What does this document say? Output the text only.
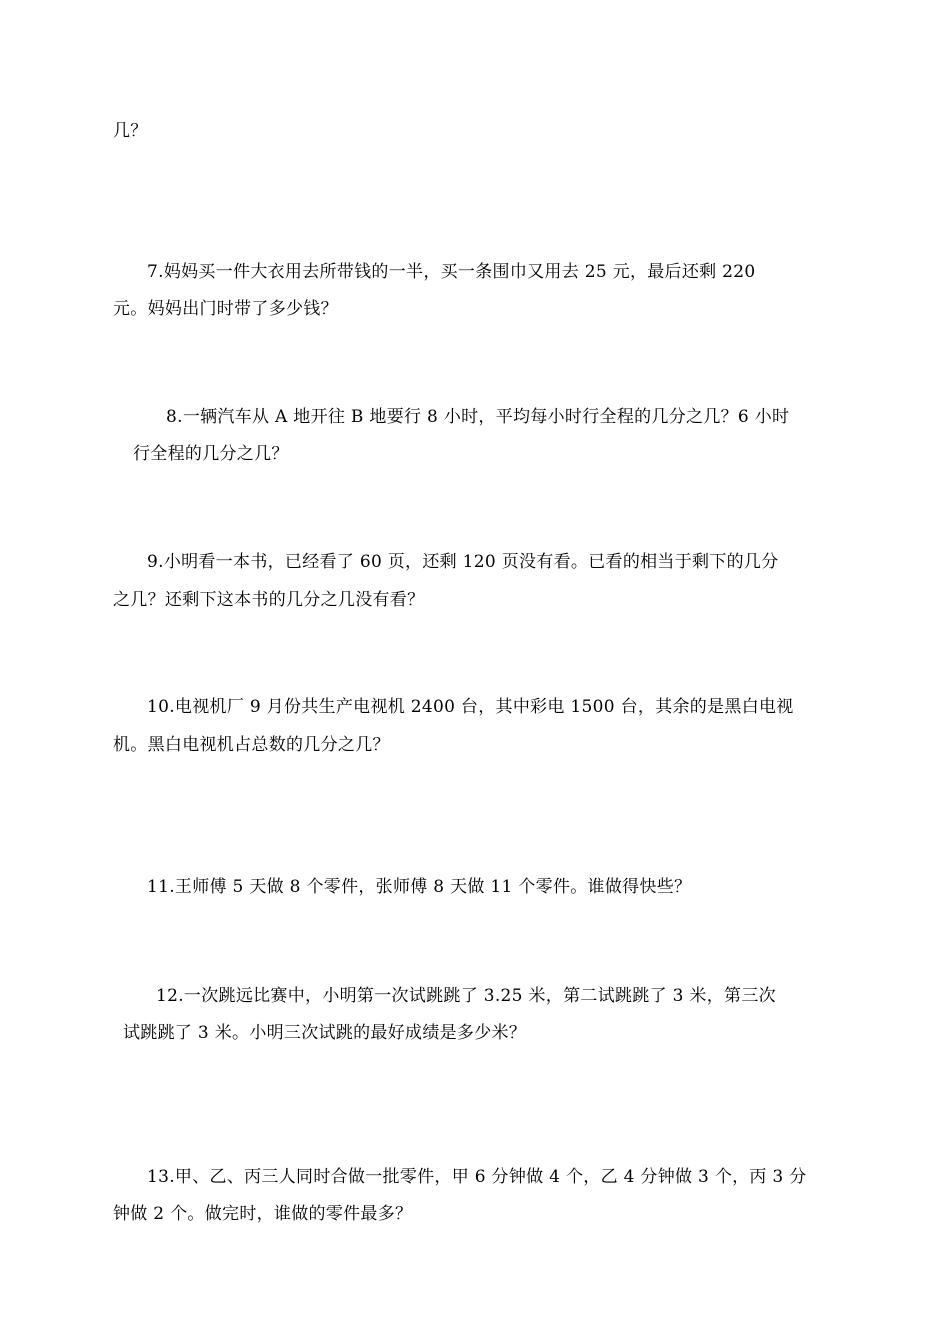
几？
7.妈妈买一件大衣用去所带钱的一半，买一条围巾又用去 25 元，最后还剩 220
元。妈妈出门时带了多少钱？
8.一辆汽车从 A 地开往 B 地要行 8 小时，平均每小时行全程的几分之几？6 小时
行全程的几分之几？
9.小明看一本书，已经看了 60 页，还剩 120 页没有看。已看的相当于剩下的几分
之几？还剩下这本书的几分之几没有看？
10.电视机厂 9 月份共生产电视机 2400 台，其中彩电 1500 台，其余的是黑白电视
机。黑白电视机占总数的几分之几？
11.王师傅 5 天做 8 个零件，张师傅 8 天做 11 个零件。谁做得快些？
12.一次跳远比赛中，小明第一次试跳跳了 3.25 米，第二试跳跳了 3 米，第三次
试跳跳了 3 米。小明三次试跳的最好成绩是多少米？
13.甲、乙、丙三人同时合做一批零件，甲 6 分钟做 4 个，乙 4 分钟做 3 个，丙 3 分
钟做 2 个。做完时，谁做的零件最多？
